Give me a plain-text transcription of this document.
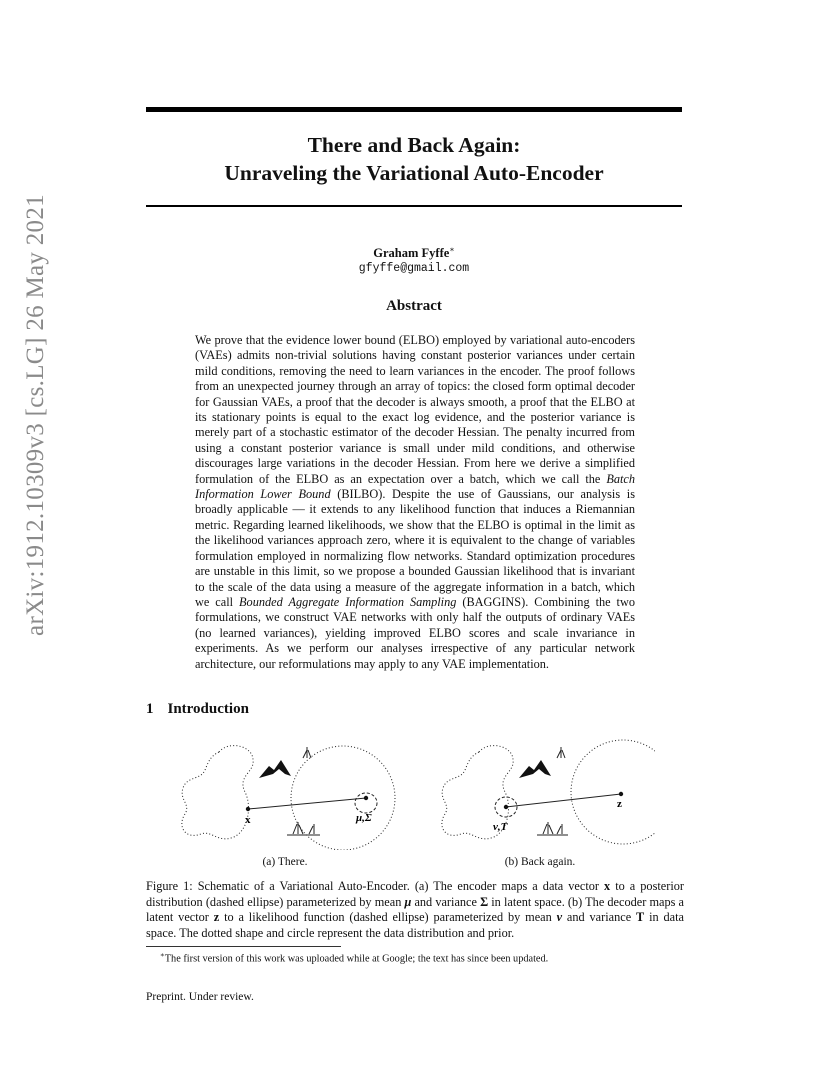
arXiv:1912.10309v3 [cs.LG] 26 May 2021
There and Back Again:
Unraveling the Variational Auto-Encoder
Graham Fyffe∗
gfyffe@gmail.com
Abstract
We prove that the evidence lower bound (ELBO) employed by variational auto-encoders (VAEs) admits non-trivial solutions having constant posterior variances under certain mild conditions, removing the need to learn variances in the encoder. The proof follows from an unexpected journey through an array of topics: the closed form optimal decoder for Gaussian VAEs, a proof that the decoder is always smooth, a proof that the ELBO at its stationary points is equal to the exact log evidence, and the posterior variance is merely part of a stochastic estimator of the decoder Hessian. The penalty incurred from using a constant posterior variance is small under mild conditions, and otherwise discourages large variations in the decoder Hessian. From here we derive a simplified formulation of the ELBO as an expectation over a batch, which we call the Batch Information Lower Bound (BILBO). Despite the use of Gaussians, our analysis is broadly applicable — it extends to any likelihood function that induces a Riemannian metric. Regarding learned likelihoods, we show that the ELBO is optimal in the limit as the likelihood variances approach zero, where it is equivalent to the change of variables formulation employed in normalizing flow networks. Standard optimization procedures are unstable in this limit, so we propose a bounded Gaussian likelihood that is invariant to the scale of the data using a measure of the aggregate information in a batch, which we call Bounded Aggregate Information Sampling (BAGGINS). Combining the two formulations, we construct VAE networks with only half the outputs of ordinary VAEs (no learned variances), yielding improved ELBO scores and scale invariance in experiments. As we perform our analyses irrespective of any particular network architecture, our reformulations may apply to any VAE implementation.
1 Introduction
x	μ,Σ
z
ν,T
(a) There.	(b) Back again.
Figure 1: Schematic of a Variational Auto-Encoder. (a) The encoder maps a data vector x to a posterior distribution (dashed ellipse) parameterized by mean μ and variance Σ in latent space. (b) The decoder maps a latent vector z to a likelihood function (dashed ellipse) parameterized by mean ν and variance T in data space. The dotted shape and circle represent the data distribution and prior.
∗The first version of this work was uploaded while at Google; the text has since been updated.
Preprint. Under review.
